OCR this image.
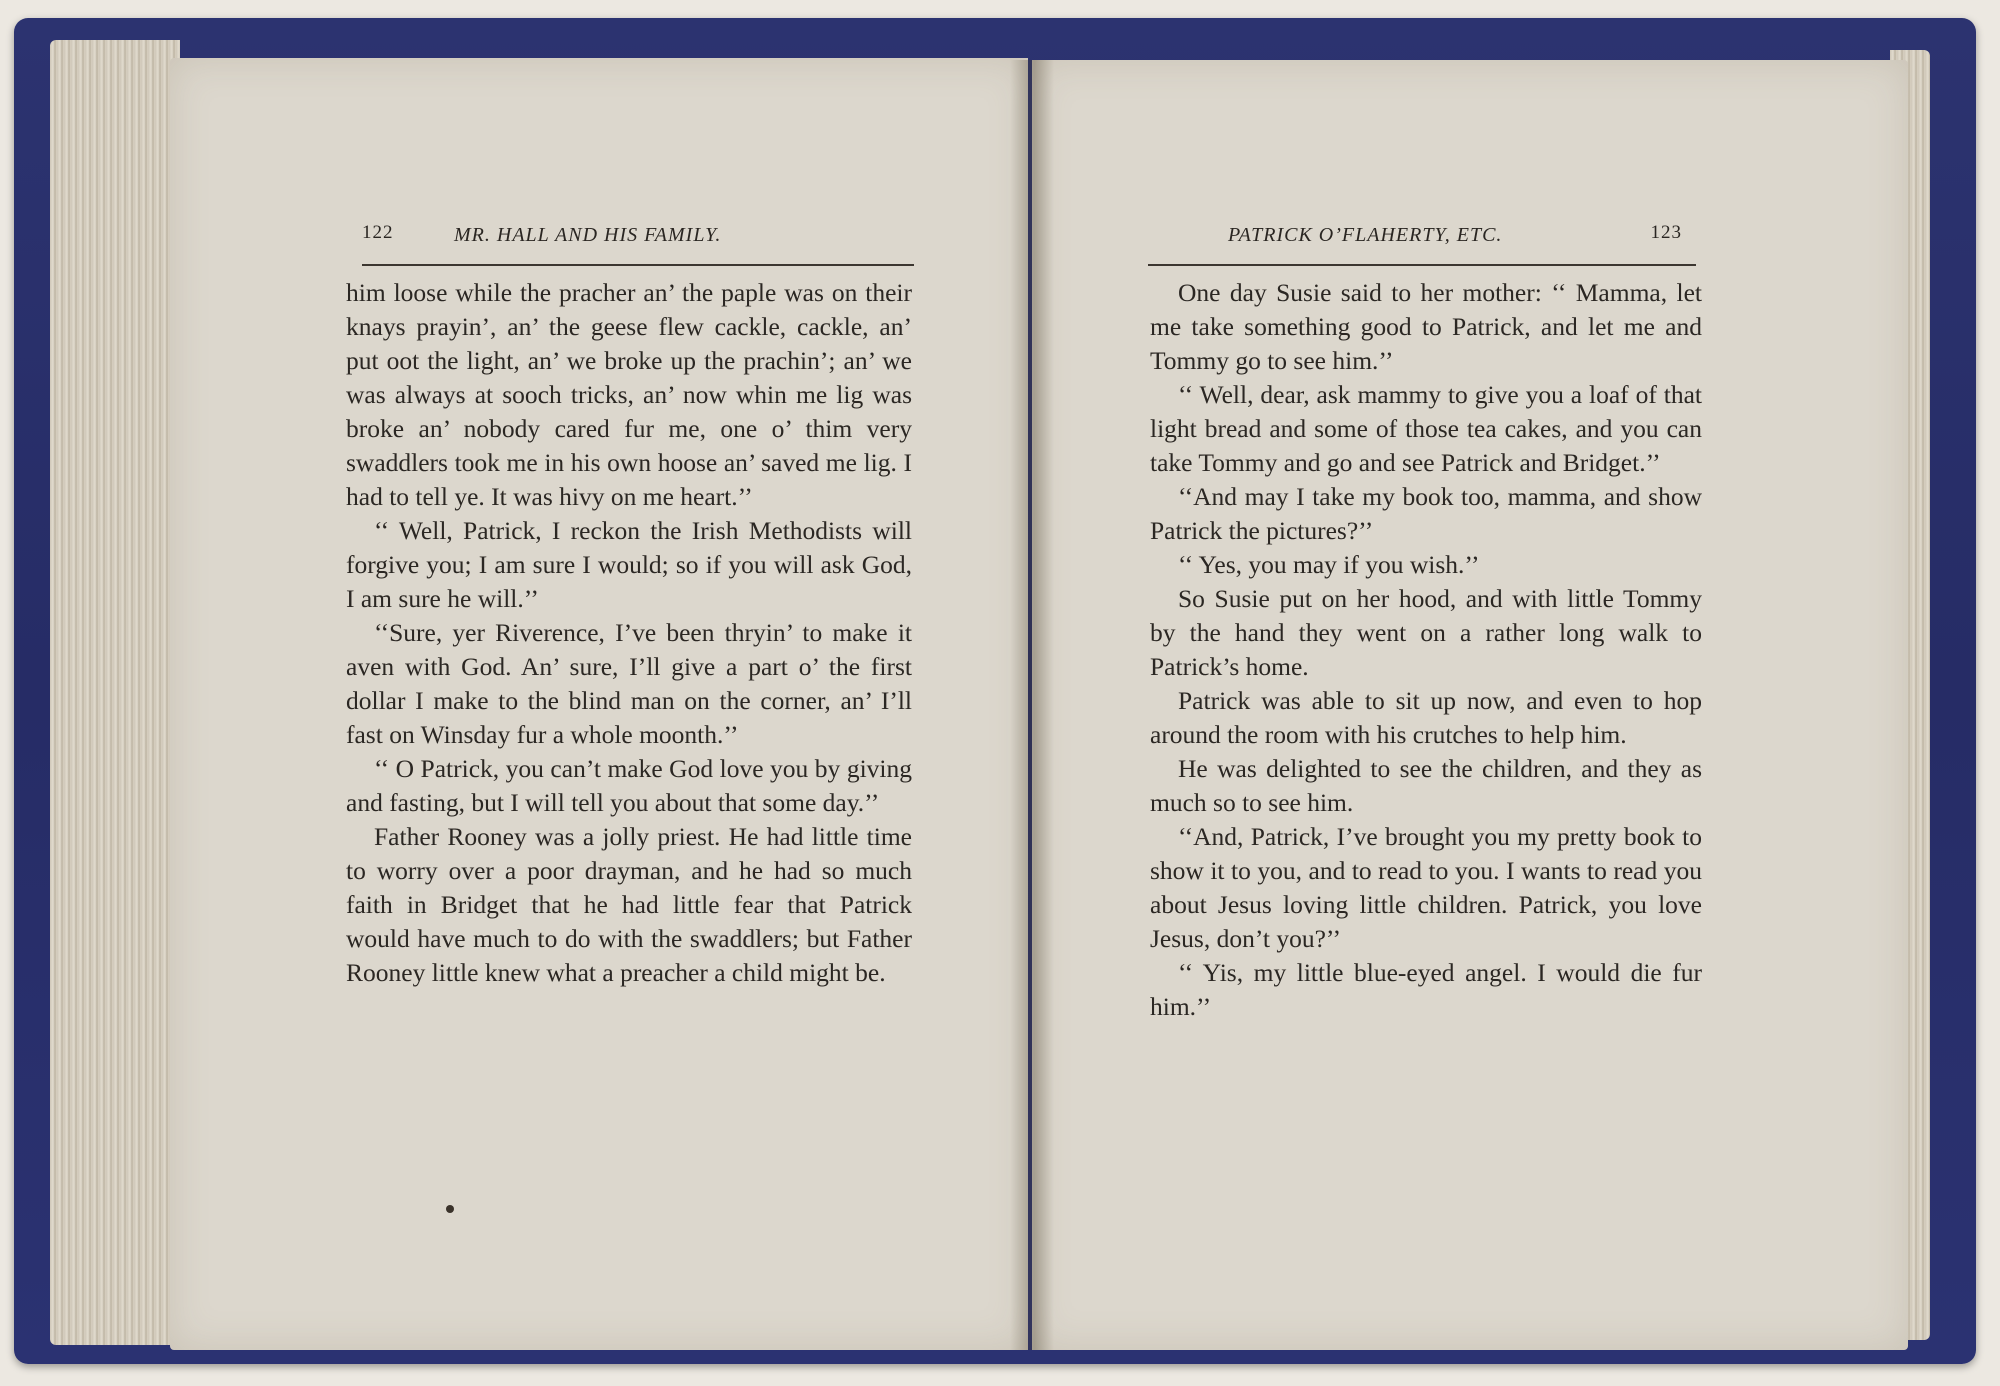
122	MR. HALL AND HIS FAMILY.	PATRICK O’FLAHERTY, ETC.	123

him loose while the pracher an’ the paple was on their knays prayin’, an’ the geese flew cackle, cackle, an’ put oot the light, an’ we broke up the prachin’; an’ we was always at sooch tricks, an’ now whin me lig was broke an’ nobody cared fur me, one o’ thim very swaddlers took me in his own hoose an’ saved me lig. I had to tell ye. It was hivy on me heart.’’

‘‘ Well, Patrick, I reckon the Irish Methodists will forgive you; I am sure I would; so if you will ask God, I am sure he will.’’

‘‘Sure, yer Riverence, I’ve been thryin’ to make it aven with God. An’ sure, I’ll give a part o’ the first dollar I make to the blind man on the corner, an’ I’ll fast on Winsday fur a whole moonth.’’

‘‘ O Patrick, you can’t make God love you by giving and fasting, but I will tell you about that some day.’’

Father Rooney was a jolly priest. He had little time to worry over a poor drayman, and he had so much faith in Bridget that he had little fear that Patrick would have much to do with the swaddlers; but Father Rooney little knew what a preacher a child might be.

One day Susie said to her mother: ‘‘ Mamma, let me take something good to Patrick, and let me and Tommy go to see him.’’

‘‘ Well, dear, ask mammy to give you a loaf of that light bread and some of those tea cakes, and you can take Tommy and go and see Patrick and Bridget.’’

‘‘And may I take my book too, mamma, and show Patrick the pictures?’’

‘‘ Yes, you may if you wish.’’

So Susie put on her hood, and with little Tommy by the hand they went on a rather long walk to Patrick’s home.

Patrick was able to sit up now, and even to hop around the room with his crutches to help him.

He was delighted to see the children, and they as much so to see him.

‘‘And, Patrick, I’ve brought you my pretty book to show it to you, and to read to you. I wants to read you about Jesus loving little children. Patrick, you love Jesus, don’t you?’’

‘‘ Yis, my little blue-eyed angel. I would die fur him.’’
